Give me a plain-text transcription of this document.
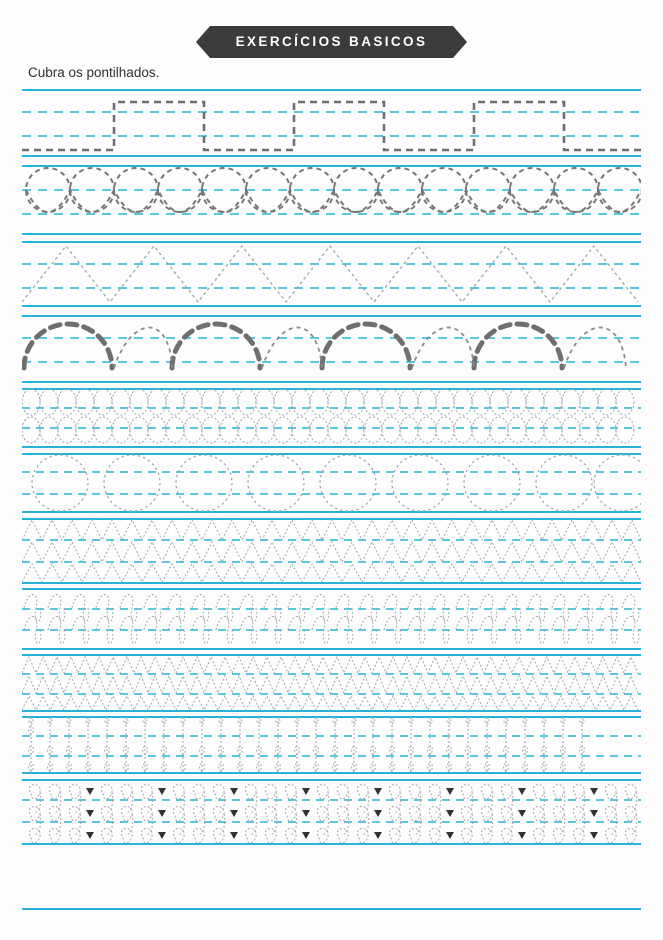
EXERCÍCIOS BASICOS
Cubra os pontilhados.
